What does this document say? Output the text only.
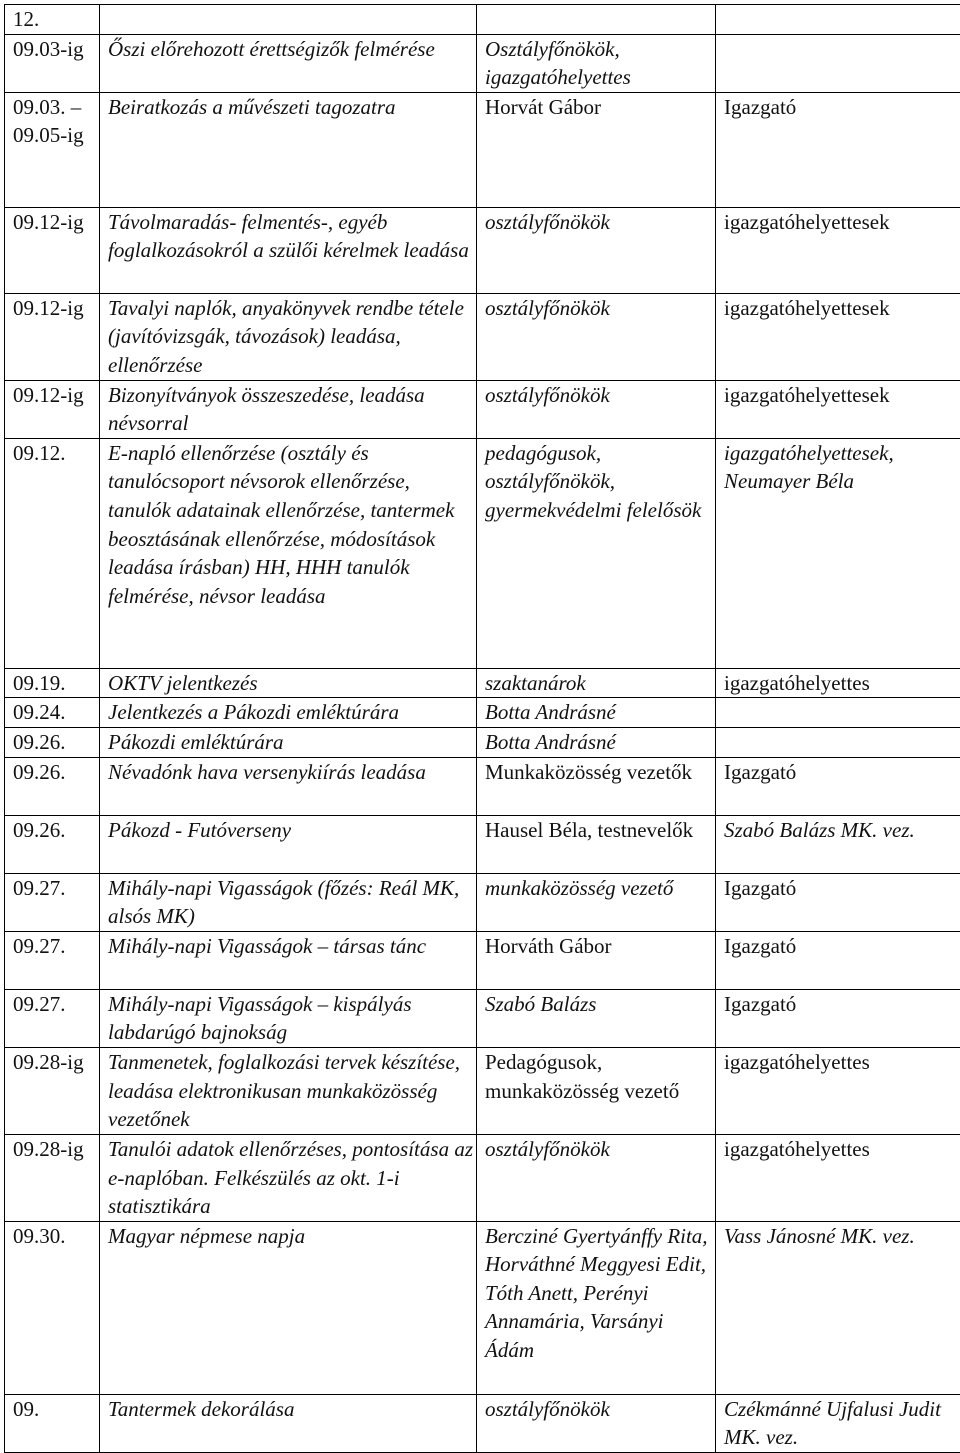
12.			
09.03-ig	Őszi előrehozott érettségizők felmérése	Osztályfőnökök, igazgatóhelyettes	
09.03. – 09.05-ig	Beiratkozás a művészeti tagozatra	Horvát Gábor	Igazgató
09.12-ig	Távolmaradás- felmentés-, egyéb foglalkozásokról a szülői kérelmek leadása	osztályfőnökök	igazgatóhelyettesek
09.12-ig	Tavalyi naplók, anyakönyvek rendbe tétele (javítóvizsgák, távozások) leadása, ellenőrzése	osztályfőnökök	igazgatóhelyettesek
09.12-ig	Bizonyítványok összeszedése, leadása névsorral	osztályfőnökök	igazgatóhelyettesek
09.12.	E-napló ellenőrzése (osztály és tanulócsoport névsorok ellenőrzése, tanulók adatainak ellenőrzése, tantermek beosztásának ellenőrzése, módosítások leadása írásban) HH, HHH tanulók felmérése, névsor leadása	pedagógusok, osztályfőnökök, gyermekvédelmi felelősök	igazgatóhelyettesek, Neumayer Béla
09.19.	OKTV jelentkezés	szaktanárok	igazgatóhelyettes
09.24.	Jelentkezés a Pákozdi emléktúrára	Botta Andrásné	
09.26.	Pákozdi emléktúrára	Botta Andrásné	
09.26.	Névadónk hava versenykiírás leadása	Munkaközösség vezetők	Igazgató
09.26.	Pákozd - Futóverseny	Hausel Béla, testnevelők	Szabó Balázs MK. vez.
09.27.	Mihály-napi Vigasságok (főzés: Reál MK, alsós MK)	munkaközösség vezető	Igazgató
09.27.	Mihály-napi Vigasságok – társas tánc	Horváth Gábor	Igazgató
09.27.	Mihály-napi Vigasságok – kispályás labdarúgó bajnokság	Szabó Balázs	Igazgató
09.28-ig	Tanmenetek, foglalkozási tervek készítése, leadása elektronikusan munkaközösség vezetőnek	Pedagógusok, munkaközösség vezető	igazgatóhelyettes
09.28-ig	Tanulói adatok ellenőrzéses, pontosítása az e-naplóban. Felkészülés az okt. 1-i statisztikára	osztályfőnökök	igazgatóhelyettes
09.30.	Magyar népmese napja	Bercziné Gyertyánffy Rita, Horváthné Meggyesi Edit, Tóth Anett, Perényi Annamária, Varsányi Ádám	Vass Jánosné MK. vez.
09.	Tantermek dekorálása	osztályfőnökök	Czékmánné Ujfalusi Judit MK. vez.
